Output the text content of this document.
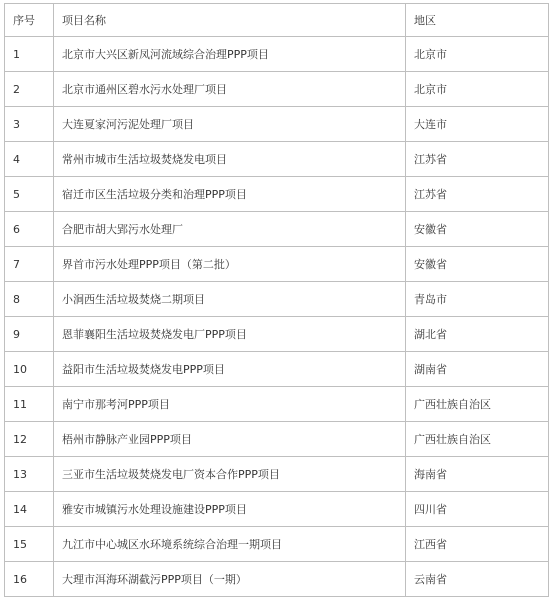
序号	项目名称	地区
1	北京市大兴区新凤河流域综合治理PPP项目	北京市
2	北京市通州区碧水污水处理厂项目	北京市
3	大连夏家河污泥处理厂项目	大连市
4	常州市城市生活垃圾焚烧发电项目	江苏省
5	宿迁市区生活垃圾分类和治理PPP项目	江苏省
6	合肥市胡大郢污水处理厂	安徽省
7	界首市污水处理PPP项目（第二批）	安徽省
8	小涧西生活垃圾焚烧二期项目	青岛市
9	恩菲襄阳生活垃圾焚烧发电厂PPP项目	湖北省
10	益阳市生活垃圾焚烧发电PPP项目	湖南省
11	南宁市那考河PPP项目	广西壮族自治区
12	梧州市静脉产业园PPP项目	广西壮族自治区
13	三亚市生活垃圾焚烧发电厂资本合作PPP项目	海南省
14	雅安市城镇污水处理设施建设PPP项目	四川省
15	九江市中心城区水环境系统综合治理一期项目	江西省
16	大理市洱海环湖截污PPP项目（一期）	云南省
